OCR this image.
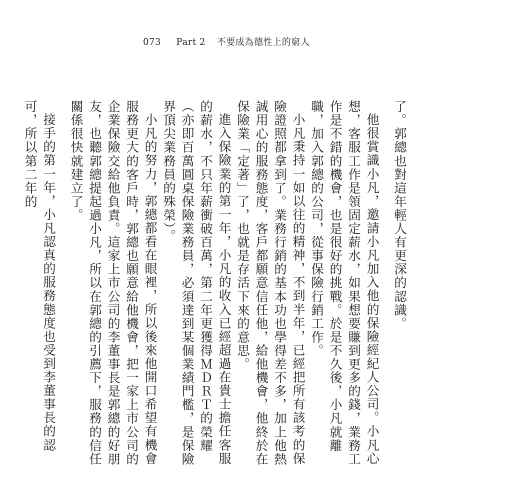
073 Part 2 不要成為德性上的窮人

了。郭總也對這年輕人有更深的認識。

他很賞識小凡，邀請小凡加入他的保險經紀人公司。小凡心想，客服工作是領固定薪水，如果想要賺到更多的錢，業務工作是不錯的機會，也是很好的挑戰。於是不久後，小凡就離職，加入郭總的公司，從事保險行銷工作。

小凡秉持一如以往的精神，不到半年，已經把所有該考的保險證照都拿到了。業務行銷的基本功也學得差不多，加上他熱誠用心的服務態度，客戶都願意信任他，給他機會，他終於在保險業「定著」了，也就是存活下來的意思。

進入保險業的第一年，小凡的收入已經超過在貴士擔任客服的薪水，不只年薪衝破百萬，第二年更獲得ＭＤＲＴ的榮耀（亦即百萬圓桌保險業務員，必須達到某個業績門檻，是保險界頂尖業務員的殊榮）。

小凡的努力，郭總都看在眼裡，所以後來他開口希望有機會服務更大的客戶時，郭總也願意給他機會，把一家上市公司的企業保險交給他負責。這家上市公司的李董事長是郭總的好朋友，也聽郭總提起過小凡，所以在郭總的引薦下，服務的信任關係很快就建立了。

接手的第一年，小凡認真的服務態度也受到李董事長的認可，所以第二年的
